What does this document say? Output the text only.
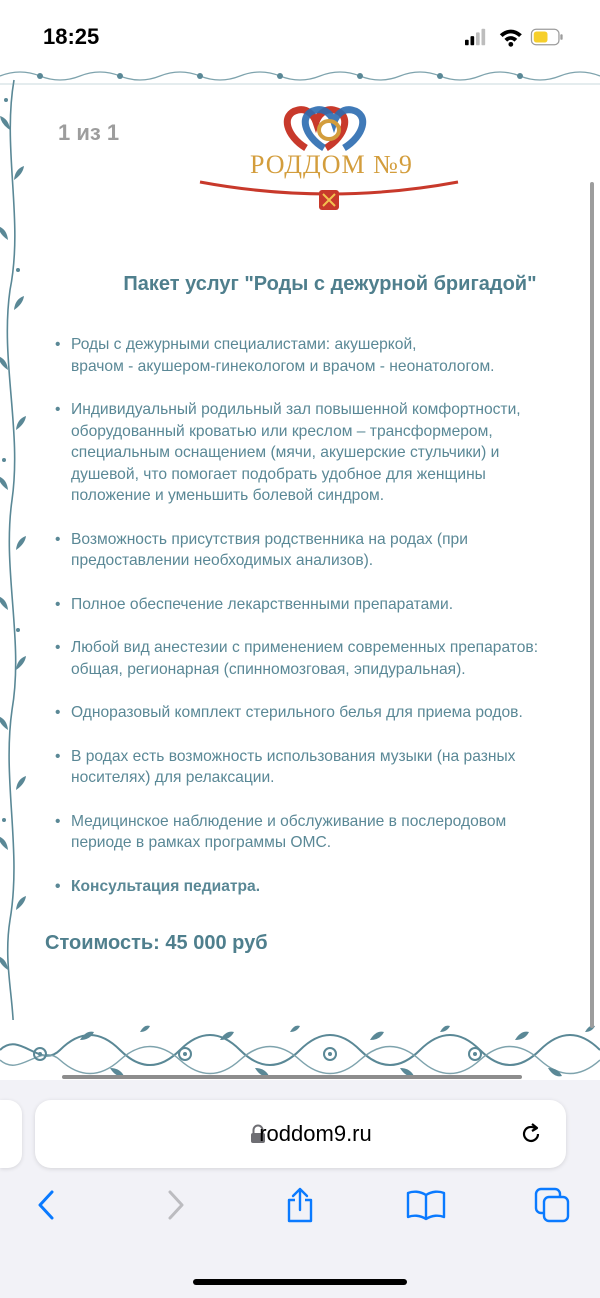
18:25
1 из 1
РОДДОМ №9
Пакет услуг "Роды с дежурной бригадой"
• Роды с дежурными специалистами: акушеркой,
врачом - акушером-гинекологом и врачом - неонатологом.
• Индивидуальный родильный зал повышенной комфортности,
оборудованный кроватью или креслом – трансформером,
специальным оснащением (мячи, акушерские стульчики) и
душевой, что помогает подобрать удобное для женщины
положение и уменьшить болевой синдром.
• Возможность присутствия родственника на родах (при
предоставлении необходимых анализов).
• Полное обеспечение лекарственными препаратами.
• Любой вид анестезии с применением современных препаратов:
общая, регионарная (спинномозговая, эпидуральная).
• Одноразовый комплект стерильного белья для приема родов.
• В родах есть возможность использования музыки (на разных
носителях) для релаксации.
• Медицинское наблюдение и обслуживание в послеродовом
периоде в рамках программы ОМС.
• Консультация педиатра.
Стоимость: 45 000 руб
roddom9.ru
